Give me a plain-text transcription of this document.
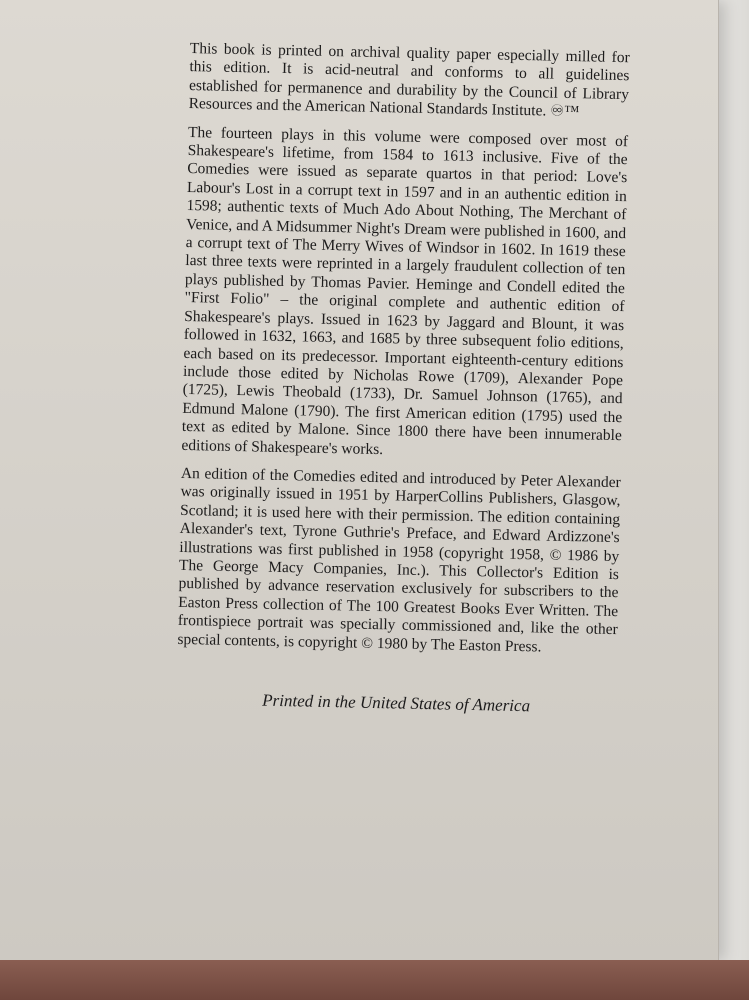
This book is printed on archival quality paper especially milled for this edition. It is acid-neutral and conforms to all guidelines established for permanence and durability by the Council of Library Resources and the American National Standards Institute. ♾™

The fourteen plays in this volume were composed over most of Shakespeare's lifetime, from 1584 to 1613 inclusive. Five of the Comedies were issued as separate quartos in that period: Love's Labour's Lost in a corrupt text in 1597 and in an authentic edition in 1598; authentic texts of Much Ado About Nothing, The Merchant of Venice, and A Midsummer Night's Dream were published in 1600, and a corrupt text of The Merry Wives of Windsor in 1602. In 1619 these last three texts were reprinted in a largely fraudulent collection of ten plays published by Thomas Pavier. Heminge and Condell edited the "First Folio" – the original complete and authentic edition of Shakespeare's plays. Issued in 1623 by Jaggard and Blount, it was followed in 1632, 1663, and 1685 by three subsequent folio editions, each based on its predecessor. Important eighteenth-century editions include those edited by Nicholas Rowe (1709), Alexander Pope (1725), Lewis Theobald (1733), Dr. Samuel Johnson (1765), and Edmund Malone (1790). The first American edition (1795) used the text as edited by Malone. Since 1800 there have been innumerable editions of Shakespeare's works.

An edition of the Comedies edited and introduced by Peter Alexander was originally issued in 1951 by HarperCollins Publishers, Glasgow, Scotland; it is used here with their permission. The edition containing Alexander's text, Tyrone Guthrie's Preface, and Edward Ardizzone's illustrations was first published in 1958 (copyright 1958, © 1986 by The George Macy Companies, Inc.). This Collector's Edition is published by advance reservation exclusively for subscribers to the Easton Press collection of The 100 Greatest Books Ever Written. The frontispiece portrait was specially commissioned and, like the other special contents, is copyright © 1980 by The Easton Press.

Printed in the United States of America
